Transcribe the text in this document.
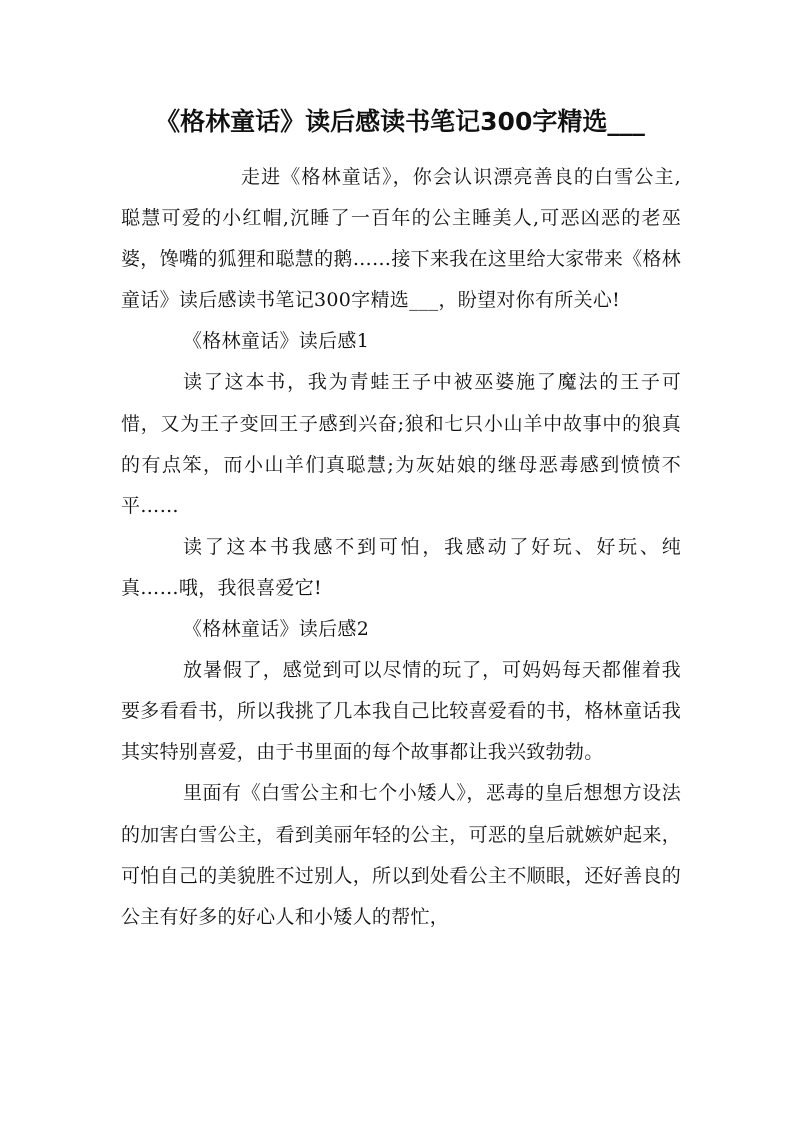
《格林童话》读后感读书笔记300字精选___

走进《格林童话》，你会认识漂亮善良的白雪公主,聪慧可爱的小红帽,沉睡了一百年的公主睡美人,可恶凶恶的老巫婆，馋嘴的狐狸和聪慧的鹅……接下来我在这里给大家带来《格林童话》读后感读书笔记300字精选___，盼望对你有所关心!

《格林童话》读后感1

读了这本书，我为青蛙王子中被巫婆施了魔法的王子可惜，又为王子变回王子感到兴奋;狼和七只小山羊中故事中的狼真的有点笨，而小山羊们真聪慧;为灰姑娘的继母恶毒感到愤愤不平……

读了这本书我感不到可怕，我感动了好玩、好玩、纯真……哦，我很喜爱它!

《格林童话》读后感2

放暑假了，感觉到可以尽情的玩了，可妈妈每天都催着我要多看看书，所以我挑了几本我自己比较喜爱看的书，格林童话我其实特别喜爱，由于书里面的每个故事都让我兴致勃勃。

里面有《白雪公主和七个小矮人》，恶毒的皇后想想方设法的加害白雪公主，看到美丽年轻的公主，可恶的皇后就嫉妒起来，可怕自己的美貌胜不过别人，所以到处看公主不顺眼，还好善良的公主有好多的好心人和小矮人的帮忙，
